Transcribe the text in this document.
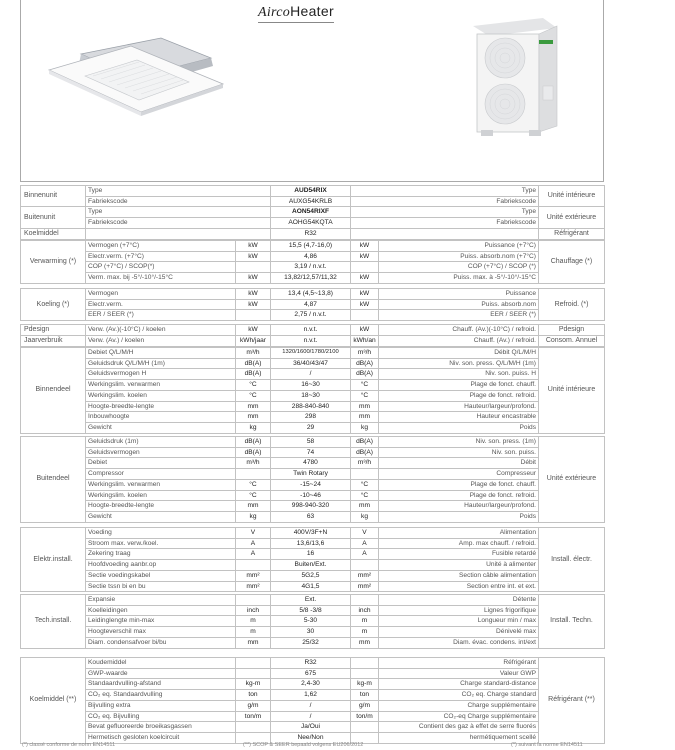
AircoHeater
Binnenunit	Type	AUD54RIX	Type	Unité intérieure
	Fabriekscode	AUXG54KRLB	Fabriekscode	
Buitenunit	Type	AON54RIXF	Type	Unité extérieure
	Fabriekscode	AOHG54KQTA	Fabriekscode	
Koelmiddel		R32		Réfrigérant
Verwarming (*)	Vermogen (+7°C)	kW	15,5 (4,7-16,0)	kW	Puissance (+7°C)	Chauffage (*)
	Electr.verm. (+7°C)	kW	4,86	kW	Puiss. absorb.nom (+7°C)	
	COP (+7°C) / SCOP(*)		3,19 / n.v.t.		COP (+7°C) / SCOP (*)	
	Verm. max. bij -5°/-10°/-15°C	kW	13,82/12,57/11,32	kW	Puiss. max. à -5°/-10°/-15°C	
Koeling (*)	Vermogen	kW	13,4 (4,5~13,8)	kW	Puissance	Refroid. (*)
	Electr.verm.	kW	4,87	kW	Puiss. absorb.nom	
	EER / SEER (*)		2,75 / n.v.t.		EER / SEER (*)	
Pdesign	Verw. (Av.)(-10°C) / koelen	kW	n.v.t.	kW	Chauff. (Av.)(-10°C) / refroid.	Pdesign
Jaarverbruik	Verw. (Av.) / koelen	kWh/jaar	n.v.t.	kWh/an	Chauff. (Av.) / refroid.	Consom. Annuel
Binnendeel	Debiet Q/L/M/H	m³/h	1320/1600/1780/2100	m³/h	Débit Q/L/M/H	Unité intérieure
	Geluidsdruk Q/L/M/H (1m)	dB(A)	36/40/43/47	dB(A)	Niv. son. press. Q/L/M/H (1m)	
	Geluidsvermogen H	dB(A)	/	dB(A)	Niv. son. puiss. H	
	Werkingslim. verwarmen	°C	16~30	°C	Plage de fonct. chauff.	
	Werkingslim. koelen	°C	18~30	°C	Plage de fonct. refroid.	
	Hoogte-breedte-lengte	mm	288-840-840	mm	Hauteur/largeur/profond.	
	Inbouwhoogte	mm	298	mm	Hauteur encastrable	
	Gewicht	kg	29	kg	Poids	
Buitendeel	Geluidsdruk (1m)	dB(A)	58	dB(A)	Niv. son. press. (1m)	Unité extérieure
	Geluidsvermogen	dB(A)	74	dB(A)	Niv. son. puiss.	
	Debiet	m³/h	4780	m³/h	Débit	
	Compressor		Twin Rotary		Compresseur	
	Werkingslim. verwarmen	°C	-15~24	°C	Plage de fonct. chauff.	
	Werkingslim. koelen	°C	-10~46	°C	Plage de fonct. refroid.	
	Hoogte-breedte-lengte	mm	998-940-320	mm	Hauteur/largeur/profond.	
	Gewicht	kg	63	kg	Poids	
Elektr.install.	Voeding	V	400V/3F+N	V	Alimentation	Install. électr.
	Stroom max. verw./koel.	A	13,6/13,6	A	Amp. max chauff. / refroid.	
	Zekering traag	A	16	A	Fusible retardé	
	Hoofdvoeding aanbr.op		Buiten/Ext.		Unité à alimenter	
	Sectie voedingskabel	mm²	5G2,5	mm²	Section câble alimentation	
	Sectie tssn bi en bu	mm²	4G1,5	mm²	Section entre int. et ext.	
Tech.install.	Expansie		Ext.		Détente	Install. Techn.
	Koelleidingen	inch	5/8 -3/8	inch	Lignes frigorifique	
	Leidinglengte min-max	m	5-30	m	Longueur min / max	
	Hoogteverschil max	m	30	m	Dénivelé max	
	Diam. condensafvoer bi/bu	mm	25/32	mm	Diam. évac. condens. int/ext	
Koelmiddel (**)	Koudemiddel		R32		Réfrigérant	Réfrigérant (**)
	GWP-waarde		675		Valeur GWP	
	Standaardvulling-afstand	kg-m	2,4-30	kg-m	Charge standard-distance	
	CO₂ eq. Standaardvulling	ton	1,62	ton	CO₂ eq. Charge standard	
	Bijvulling extra	g/m	/	g/m	Charge supplémentaire	
	CO₂ eq. Bijvulling	ton/m	/	ton/m	CO₂-eq Charge supplémentaire	
	Bevat gefluoreerde broeikasgassen		Ja/Oui		Contient des gaz à effet de serre fluorés	
	Hermetisch gesloten koelcircuit		Nee/Non		hermétiquement scellé	
(*) classé conforme de norm EN14511	(**) SCOP & SEER bepaald volgens EU206/2012	(*) suivant la norme EN14511
